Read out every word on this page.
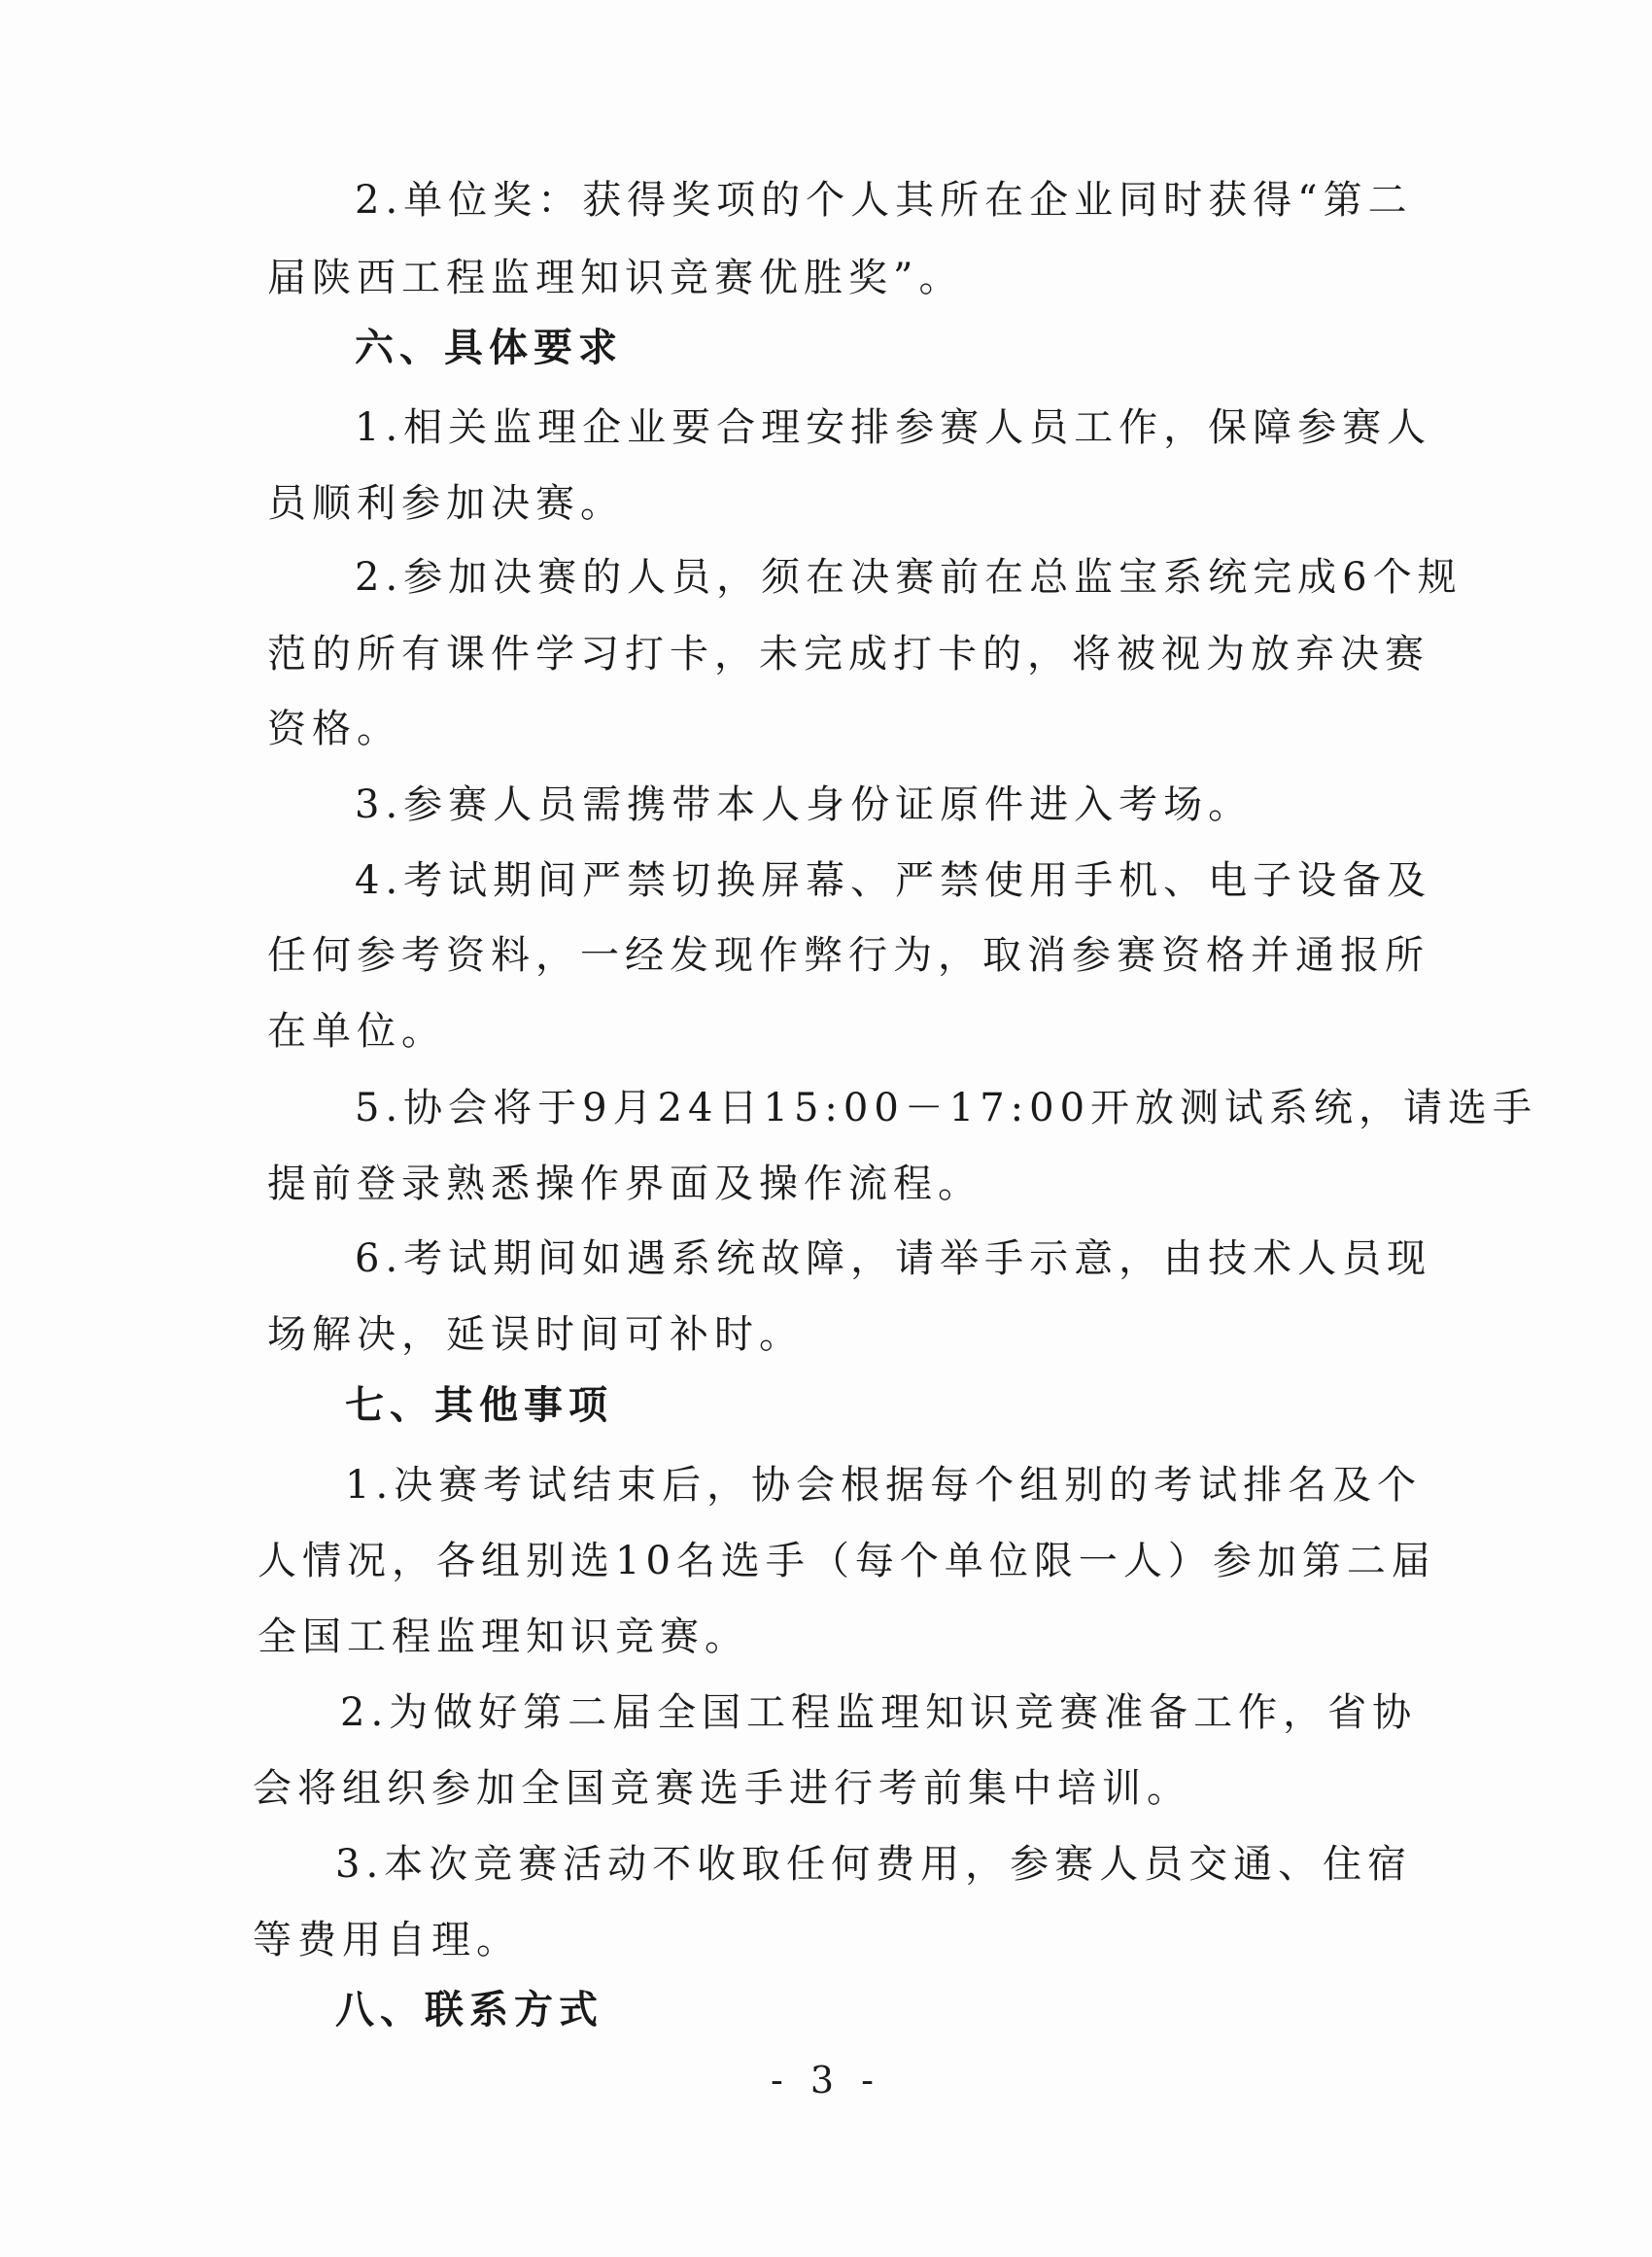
2.单位奖：获得奖项的个人其所在企业同时获得“第二
届陕西工程监理知识竞赛优胜奖”。
六、具体要求
1.相关监理企业要合理安排参赛人员工作，保障参赛人
员顺利参加决赛。
2.参加决赛的人员，须在决赛前在总监宝系统完成6个规
范的所有课件学习打卡，未完成打卡的，将被视为放弃决赛
资格。
3.参赛人员需携带本人身份证原件进入考场。
4.考试期间严禁切换屏幕、严禁使用手机、电子设备及
任何参考资料，一经发现作弊行为，取消参赛资格并通报所
在单位。
5.协会将于9月24日15:00－17:00开放测试系统，请选手
提前登录熟悉操作界面及操作流程。
6.考试期间如遇系统故障，请举手示意，由技术人员现
场解决，延误时间可补时。
七、其他事项
1.决赛考试结束后，协会根据每个组别的考试排名及个
人情况，各组别选10名选手（每个单位限一人）参加第二届
全国工程监理知识竞赛。
2.为做好第二届全国工程监理知识竞赛准备工作，省协
会将组织参加全国竞赛选手进行考前集中培训。
3.本次竞赛活动不收取任何费用，参赛人员交通、住宿
等费用自理。
八、联系方式
- 3 -
